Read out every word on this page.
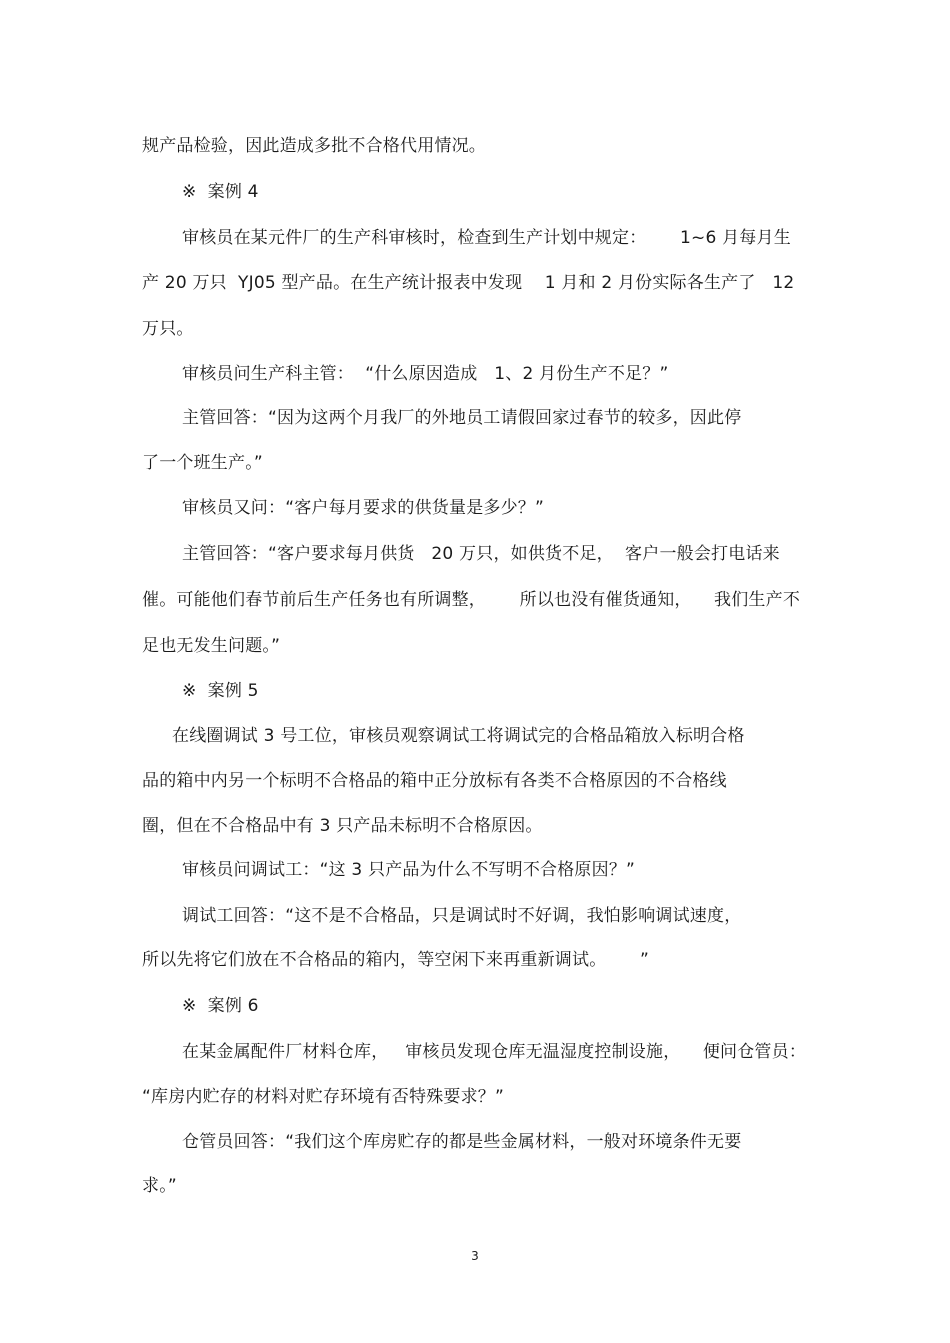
规产品检验，因此造成多批不合格代用情况。
※  案例 4
审核员在某元件厂的生产科审核时，检查到生产计划中规定：      1~6 月每月生
产 20 万只  YJ05 型产品。在生产统计报表中发现    1 月和 2 月份实际各生产了   12
万只。
审核员问生产科主管：  “什么原因造成   1、2 月份生产不足？”
主管回答：“因为这两个月我厂的外地员工请假回家过春节的较多，因此停
了一个班生产。”
审核员又问：“客户每月要求的供货量是多少？”
主管回答：“客户要求每月供货   20 万只，如供货不足，  客户一般会打电话来
催。可能他们春节前后生产任务也有所调整，      所以也没有催货通知，    我们生产不
足也无发生问题。”
※  案例 5
在线圈调试 3 号工位，审核员观察调试工将调试完的合格品箱放入标明合格
品的箱中内另一个标明不合格品的箱中正分放标有各类不合格原因的不合格线
圈，但在不合格品中有 3 只产品未标明不合格原因。
审核员问调试工：“这 3 只产品为什么不写明不合格原因？”
调试工回答：“这不是不合格品，只是调试时不好调，我怕影响调试速度，
所以先将它们放在不合格品的箱内，等空闲下来再重新调试。      ”
※  案例 6
在某金属配件厂材料仓库，   审核员发现仓库无温湿度控制设施，    便问仓管员：
“库房内贮存的材料对贮存环境有否特殊要求？”
仓管员回答：“我们这个库房贮存的都是些金属材料，一般对环境条件无要
求。”
3
